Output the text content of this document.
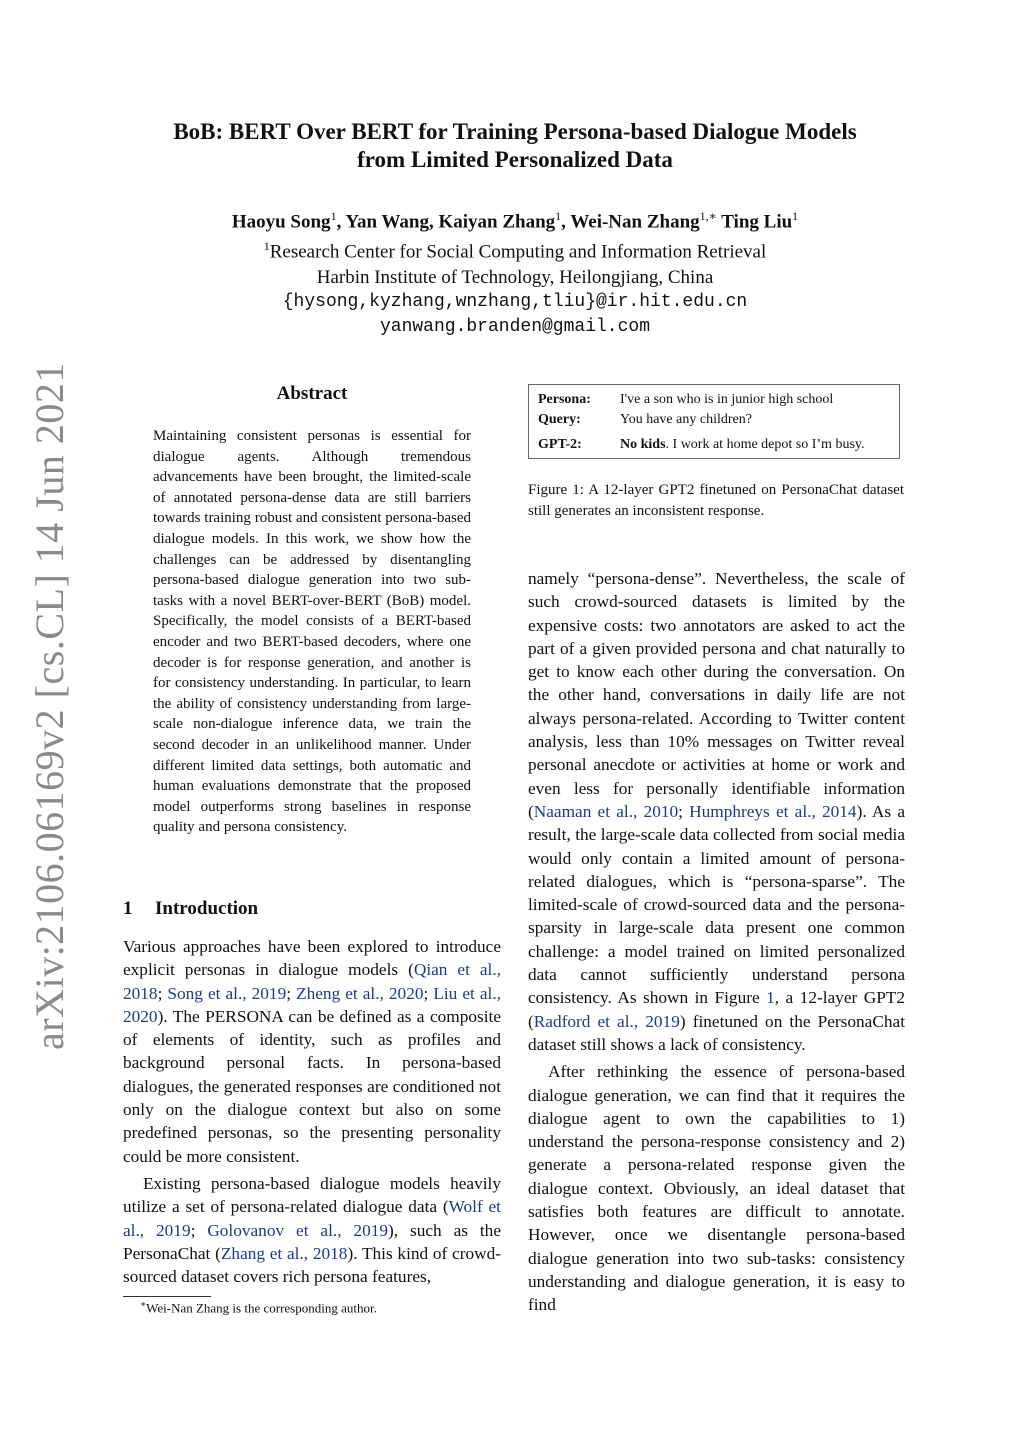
arXiv:2106.06169v2 [cs.CL] 14 Jun 2021
BoB: BERT Over BERT for Training Persona-based Dialogue Models
from Limited Personalized Data
Haoyu Song$^1$, Yan Wang, Kaiyan Zhang$^1$, Wei-Nan Zhang$^{1,∗}$ Ting Liu$^1$
$^1$Research Center for Social Computing and Information Retrieval
Harbin Institute of Technology, Heilongjiang, China
{hysong,kyzhang,wnzhang,tliu}@ir.hit.edu.cn
yanwang.branden@gmail.com
Abstract
Maintaining consistent personas is essential for dialogue agents. Although tremendous advancements have been brought, the limited-scale of annotated persona-dense data are still barriers towards training robust and consistent persona-based dialogue models. In this work, we show how the challenges can be addressed by disentangling persona-based dialogue generation into two sub-tasks with a novel BERT-over-BERT (BoB) model. Specifically, the model consists of a BERT-based encoder and two BERT-based decoders, where one decoder is for response generation, and another is for consistency understanding. In particular, to learn the ability of consistency understanding from large-scale non-dialogue inference data, we train the second decoder in an unlikelihood manner. Under different limited data settings, both automatic and human evaluations demonstrate that the proposed model outperforms strong baselines in response quality and persona consistency.
1 Introduction

Various approaches have been explored to introduce explicit personas in dialogue models (Qian et al., 2018; Song et al., 2019; Zheng et al., 2020; Liu et al., 2020). The PERSONA can be defined as a composite of elements of identity, such as profiles and background personal facts. In persona-based dialogues, the generated responses are conditioned not only on the dialogue context but also on some predefined personas, so the presenting personality could be more consistent.

Existing persona-based dialogue models heavily utilize a set of persona-related dialogue data (Wolf et al., 2019; Golovanov et al., 2019), such as the PersonaChat (Zhang et al., 2018). This kind of crowd-sourced dataset covers rich persona features,

∗Wei-Nan Zhang is the corresponding author.
Persona: I've a son who is in junior high school
Query:	You have any children?
GPT-2:	No kids. I work at home depot so I’m busy.
Figure 1: A 12-layer GPT2 finetuned on PersonaChat dataset still generates an inconsistent response.

namely “persona-dense”. Nevertheless, the scale of such crowd-sourced datasets is limited by the expensive costs: two annotators are asked to act the part of a given provided persona and chat naturally to get to know each other during the conversation. On the other hand, conversations in daily life are not always persona-related. According to Twitter content analysis, less than 10% messages on Twitter reveal personal anecdote or activities at home or work and even less for personally identifiable information (Naaman et al., 2010; Humphreys et al., 2014). As a result, the large-scale data collected from social media would only contain a limited amount of persona-related dialogues, which is “persona-sparse”. The limited-scale of crowd-sourced data and the persona-sparsity in large-scale data present one common challenge: a model trained on limited personalized data cannot sufficiently understand persona consistency. As shown in Figure 1, a 12-layer GPT2 (Radford et al., 2019) finetuned on the PersonaChat dataset still shows a lack of consistency.

After rethinking the essence of persona-based dialogue generation, we can find that it requires the dialogue agent to own the capabilities to 1) understand the persona-response consistency and 2) generate a persona-related response given the dialogue context. Obviously, an ideal dataset that satisfies both features are difficult to annotate. However, once we disentangle persona-based dialogue generation into two sub-tasks: consistency understanding and dialogue generation, it is easy to find
